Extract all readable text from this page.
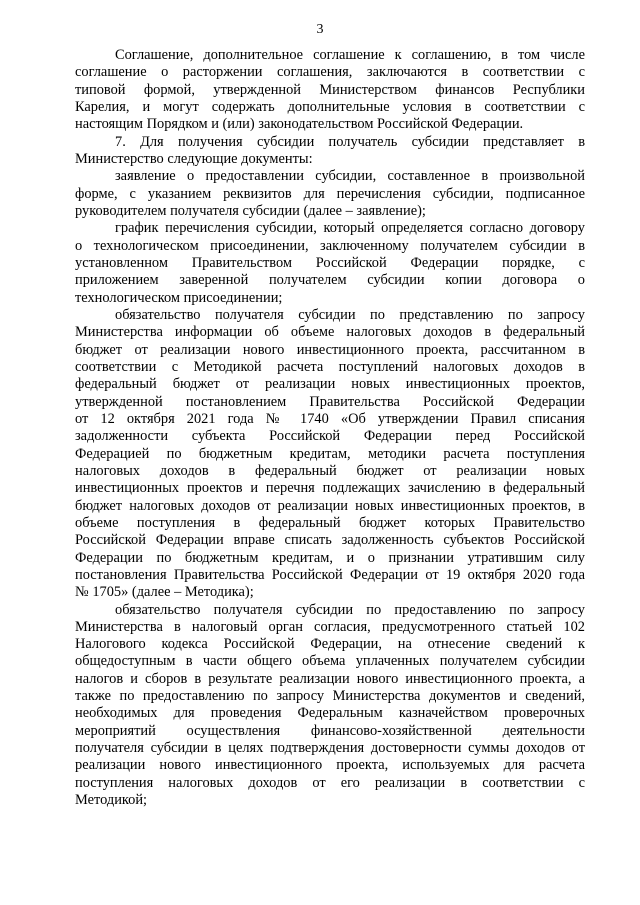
3

Соглашение, дополнительное соглашение к соглашению, в том числе
соглашение о расторжении соглашения, заключаются в соответствии с
типовой формой, утвержденной Министерством финансов Республики
Карелия, и могут содержать дополнительные условия в соответствии с
настоящим Порядком и (или) законодательством Российской Федерации.

7. Для получения субсидии получатель субсидии представляет в
Министерство следующие документы:

заявление о предоставлении субсидии, составленное в произвольной
форме, с указанием реквизитов для перечисления субсидии, подписанное
руководителем получателя субсидии (далее – заявление);

график перечисления субсидии, который определяется согласно договору
о технологическом присоединении, заключенному получателем субсидии в
установленном Правительством Российской Федерации порядке, с
приложением заверенной получателем субсидии копии договора о
технологическом присоединении;

обязательство получателя субсидии по представлению по запросу
Министерства информации об объеме налоговых доходов в федеральный
бюджет от реализации нового инвестиционного проекта, рассчитанном в
соответствии с Методикой расчета поступлений налоговых доходов в
федеральный бюджет от реализации новых инвестиционных проектов,
утвержденной постановлением Правительства Российской Федерации
от 12 октября 2021 года № 1740 «Об утверждении Правил списания
задолженности субъекта Российской Федерации перед Российской
Федерацией по бюджетным кредитам, методики расчета поступления
налоговых доходов в федеральный бюджет от реализации новых
инвестиционных проектов и перечня подлежащих зачислению в федеральный
бюджет налоговых доходов от реализации новых инвестиционных проектов, в
объеме поступления в федеральный бюджет которых Правительство
Российской Федерации вправе списать задолженность субъектов Российской
Федерации по бюджетным кредитам, и о признании утратившим силу
постановления Правительства Российской Федерации от 19 октября 2020 года
№ 1705» (далее – Методика);

обязательство получателя субсидии по предоставлению по запросу
Министерства в налоговый орган согласия, предусмотренного статьей 102
Налогового кодекса Российской Федерации, на отнесение сведений к
общедоступным в части общего объема уплаченных получателем субсидии
налогов и сборов в результате реализации нового инвестиционного проекта, а
также по предоставлению по запросу Министерства документов и сведений,
необходимых для проведения Федеральным казначейством проверочных
мероприятий осуществления финансово-хозяйственной деятельности
получателя субсидии в целях подтверждения достоверности суммы доходов от
реализации нового инвестиционного проекта, используемых для расчета
поступления налоговых доходов от его реализации в соответствии с
Методикой;
